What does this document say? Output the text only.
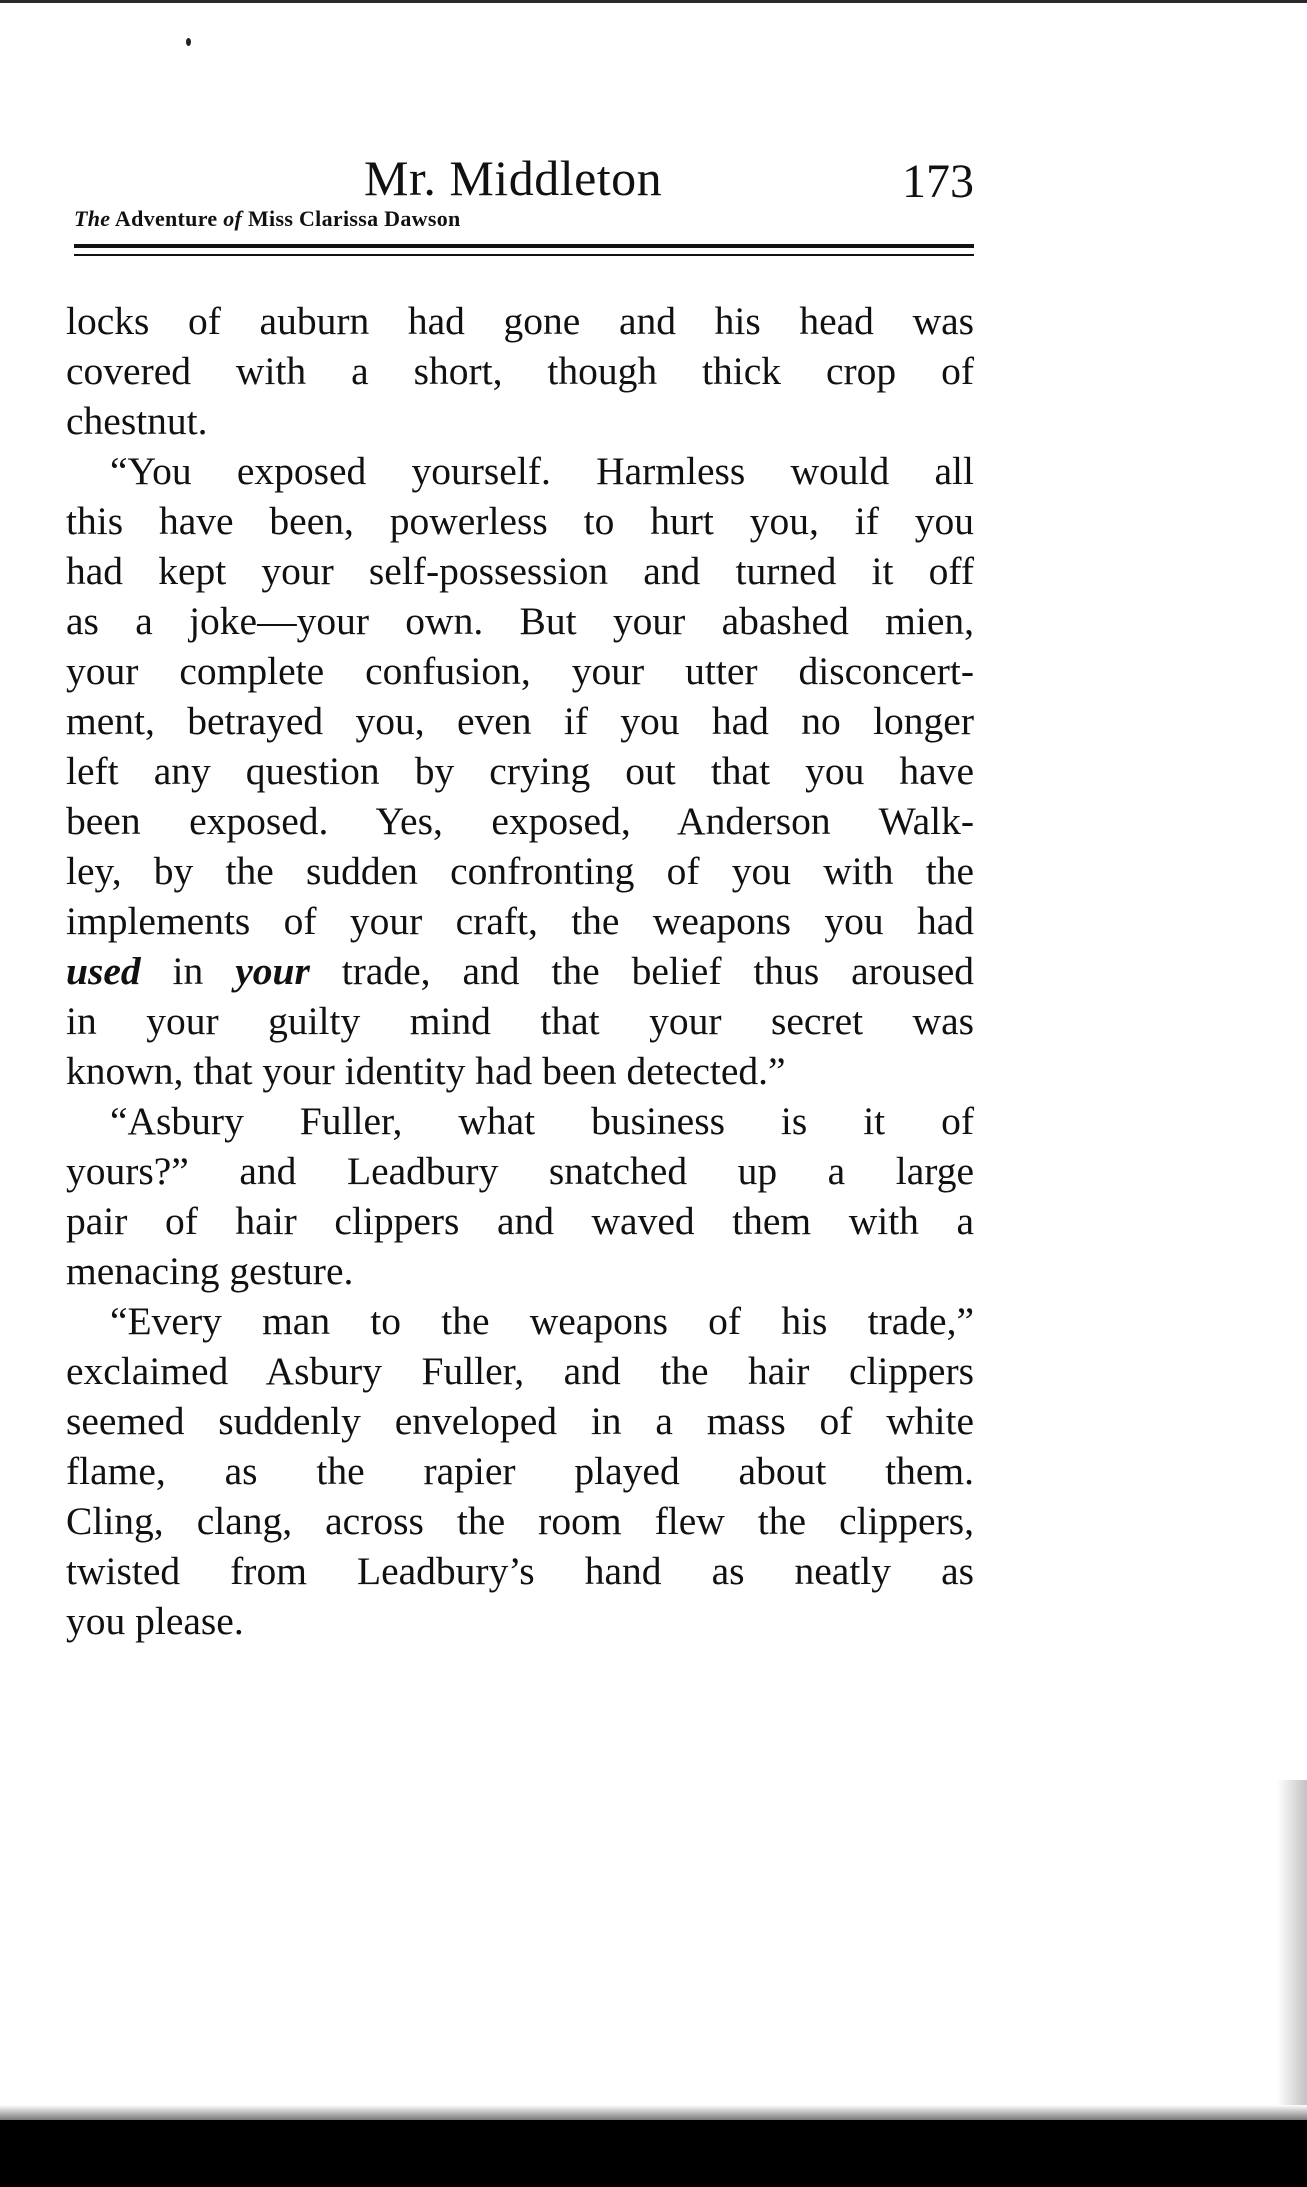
Mr. Middleton	173
The Adventure of Miss Clarissa Dawson
locks of auburn had gone and his head was
covered with a short, though thick crop of
chestnut.
“You exposed yourself. Harmless would all
this have been, powerless to hurt you, if you
had kept your self-possession and turned it off
as a joke—your own. But your abashed mien,
your complete confusion, your utter disconcert-
ment, betrayed you, even if you had no longer
left any question by crying out that you have
been exposed. Yes, exposed, Anderson Walk-
ley, by the sudden confronting of you with the
implements of your craft, the weapons you had
used in your trade, and the belief thus aroused
in your guilty mind that your secret was
known, that your identity had been detected.”
“Asbury Fuller, what business is it of
yours?” and Leadbury snatched up a large
pair of hair clippers and waved them with a
menacing gesture.
“Every man to the weapons of his trade,”
exclaimed Asbury Fuller, and the hair clippers
seemed suddenly enveloped in a mass of white
flame, as the rapier played about them.
Cling, clang, across the room flew the clippers,
twisted from Leadbury’s hand as neatly as
you please.
